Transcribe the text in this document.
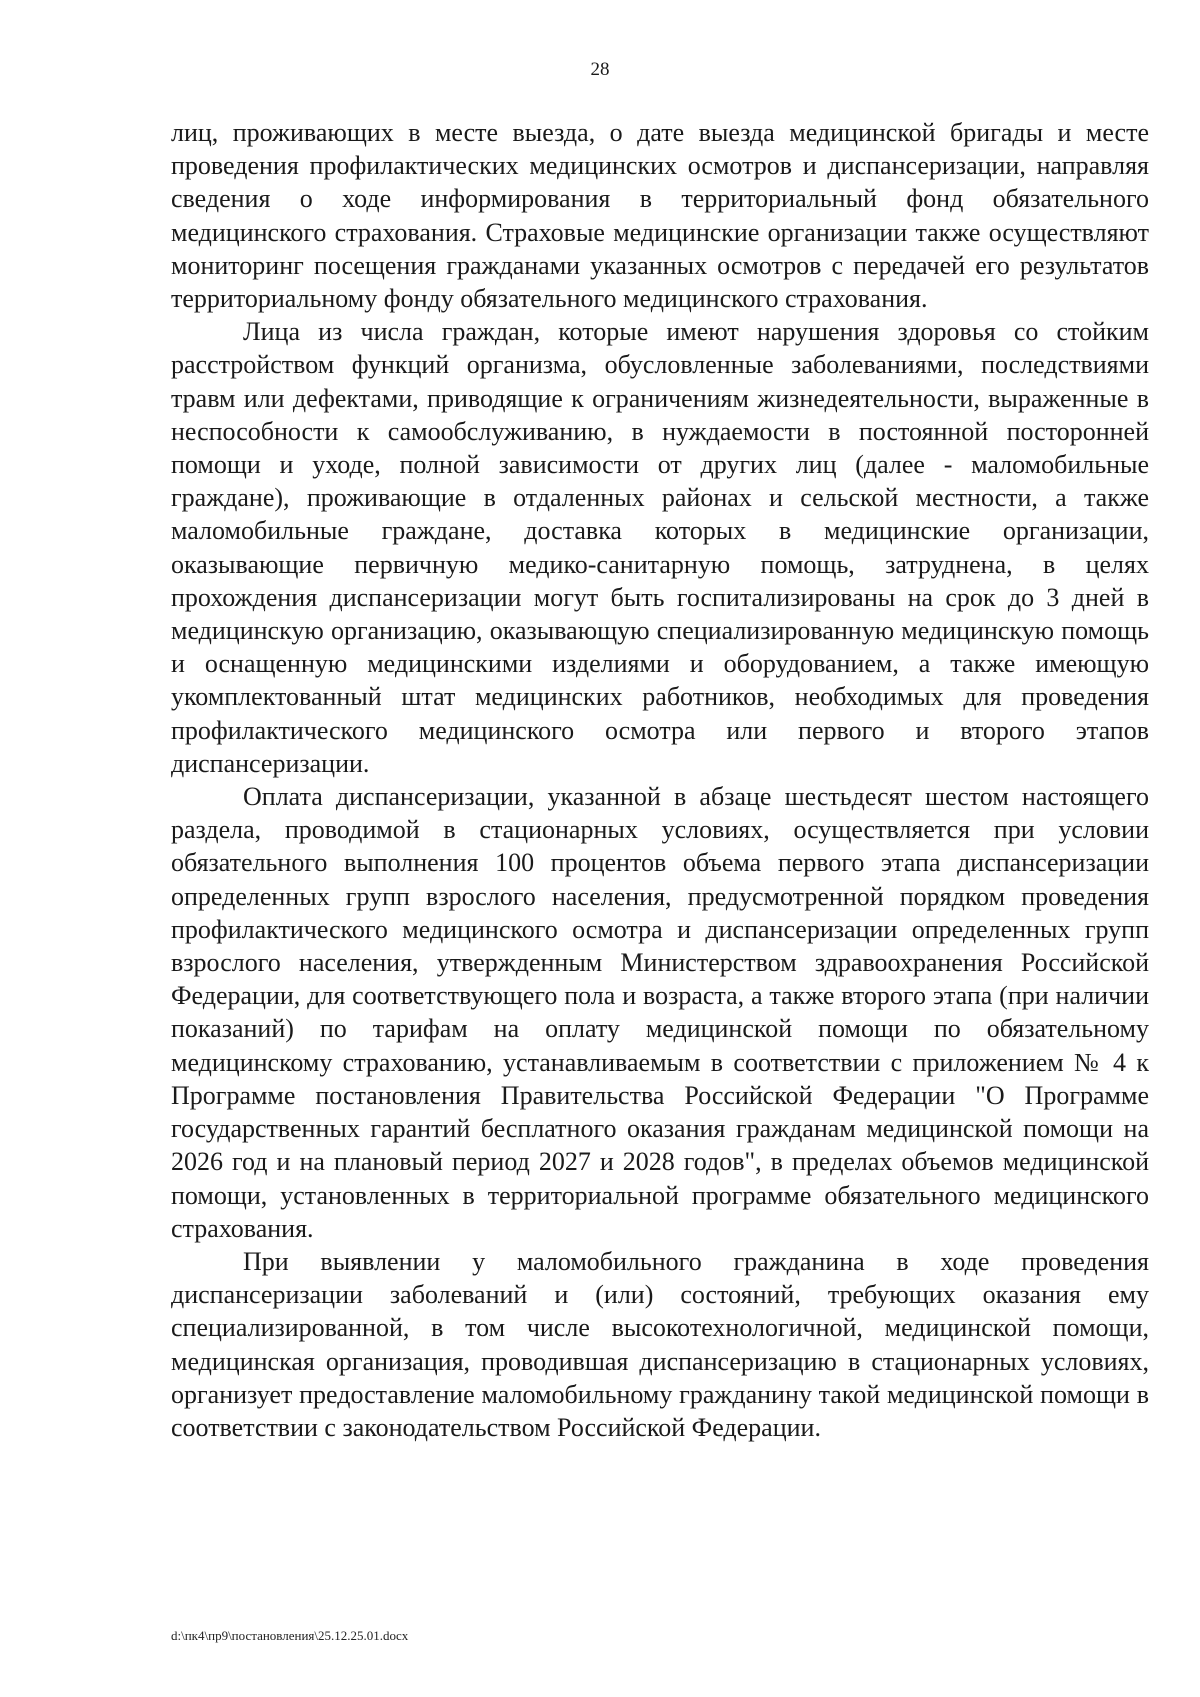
28

лиц, проживающих в месте выезда, о дате выезда медицинской бригады и месте проведения профилактических медицинских осмотров и диспансеризации, направляя сведения о ходе информирования в территориальный фонд обязательного медицинского страхования. Страховые медицинские организации также осуществляют мониторинг посещения гражданами указанных осмотров с передачей его результатов территориальному фонду обязательного медицинского страхования.

Лица из числа граждан, которые имеют нарушения здоровья со стойким расстройством функций организма, обусловленные заболеваниями, последствиями травм или дефектами, приводящие к ограничениям жизнедеятельности, выраженные в неспособности к самообслуживанию, в нуждаемости в постоянной посторонней помощи и уходе, полной зависимости от других лиц (далее - маломобильные граждане), проживающие в отдаленных районах и сельской местности, а также маломобильные граждане, доставка которых в медицинские организации, оказывающие первичную медико-санитарную помощь, затруднена, в целях прохождения диспансеризации могут быть госпитализированы на срок до 3 дней в медицинскую организацию, оказывающую специализированную медицинскую помощь и оснащенную медицинскими изделиями и оборудованием, а также имеющую укомплектованный штат медицинских работников, необходимых для проведения профилактического медицинского осмотра или первого и второго этапов диспансеризации.

Оплата диспансеризации, указанной в абзаце шестьдесят шестом настоящего раздела, проводимой в стационарных условиях, осуществляется при условии обязательного выполнения 100 процентов объема первого этапа диспансеризации определенных групп взрослого населения, предусмотренной порядком проведения профилактического медицинского осмотра и диспансеризации определенных групп взрослого населения, утвержденным Министерством здравоохранения Российской Федерации, для соответствующего пола и возраста, а также второго этапа (при наличии показаний) по тарифам на оплату медицинской помощи по обязательному медицинскому страхованию, устанавливаемым в соответствии с приложением № 4 к Программе постановления Правительства Российской Федерации "О Программе государственных гарантий бесплатного оказания гражданам медицинской помощи на 2026 год и на плановый период 2027 и 2028 годов", в пределах объемов медицинской помощи, установленных в территориальной программе обязательного медицинского страхования.

При выявлении у маломобильного гражданина в ходе проведения диспансеризации заболеваний и (или) состояний, требующих оказания ему специализированной, в том числе высокотехнологичной, медицинской помощи, медицинская организация, проводившая диспансеризацию в стационарных условиях, организует предоставление маломобильному гражданину такой медицинской помощи в соответствии с законодательством Российской Федерации.

d:\пк4\пр9\постановления\25.12.25.01.docx
